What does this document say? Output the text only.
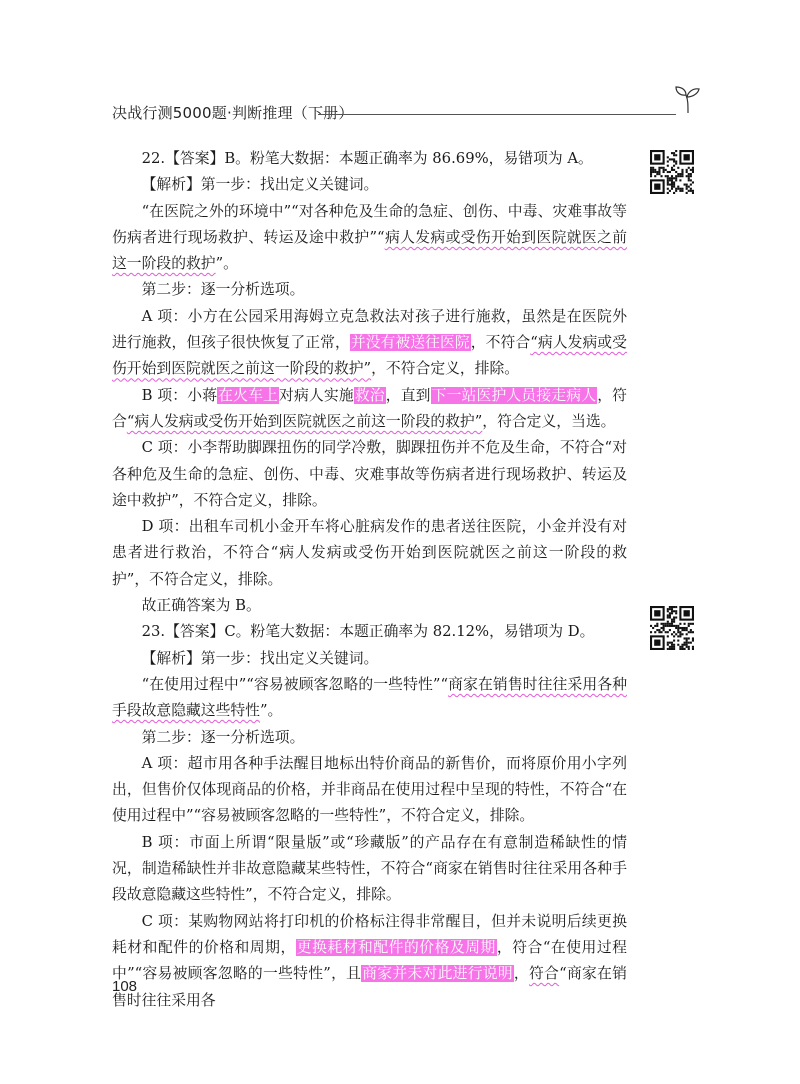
决战行测5000题·判断推理（下册）

22.【答案】B。粉笔大数据：本题正确率为 86.69%，易错项为 A。

【解析】第一步：找出定义关键词。

“在医院之外的环境中”“对各种危及生命的急症、创伤、中毒、灾难事故等伤病者进行现场救护、转运及途中救护”“病人发病或受伤开始到医院就医之前这一阶段的救护”。

第二步：逐一分析选项。

A 项：小方在公园采用海姆立克急救法对孩子进行施救，虽然是在医院外进行施救，但孩子很快恢复了正常，并没有被送往医院，不符合“病人发病或受伤开始到医院就医之前这一阶段的救护”，不符合定义，排除。

B 项：小蒋在火车上对病人实施救治，直到下一站医护人员接走病人，符合“病人发病或受伤开始到医院就医之前这一阶段的救护”，符合定义，当选。

C 项：小李帮助脚踝扭伤的同学冷敷，脚踝扭伤并不危及生命，不符合“对各种危及生命的急症、创伤、中毒、灾难事故等伤病者进行现场救护、转运及途中救护”，不符合定义，排除。

D 项：出租车司机小金开车将心脏病发作的患者送往医院，小金并没有对患者进行救治，不符合“病人发病或受伤开始到医院就医之前这一阶段的救护”，不符合定义，排除。

故正确答案为 B。

23.【答案】C。粉笔大数据：本题正确率为 82.12%，易错项为 D。

【解析】第一步：找出定义关键词。

“在使用过程中”“容易被顾客忽略的一些特性”“商家在销售时往往采用各种手段故意隐藏这些特性”。

第二步：逐一分析选项。

A 项：超市用各种手法醒目地标出特价商品的新售价，而将原价用小字列出，但售价仅体现商品的价格，并非商品在使用过程中呈现的特性，不符合“在使用过程中”“容易被顾客忽略的一些特性”，不符合定义，排除。

B 项：市面上所谓“限量版”或“珍藏版”的产品存在有意制造稀缺性的情况，制造稀缺性并非故意隐藏某些特性，不符合“商家在销售时往往采用各种手段故意隐藏这些特性”，不符合定义，排除。

C 项：某购物网站将打印机的价格标注得非常醒目，但并未说明后续更换耗材和配件的价格和周期，更换耗材和配件的价格及周期，符合“在使用过程中”“容易被顾客忽略的一些特性”，且商家并未对此进行说明，符合“商家在销售时往往采用各

108
